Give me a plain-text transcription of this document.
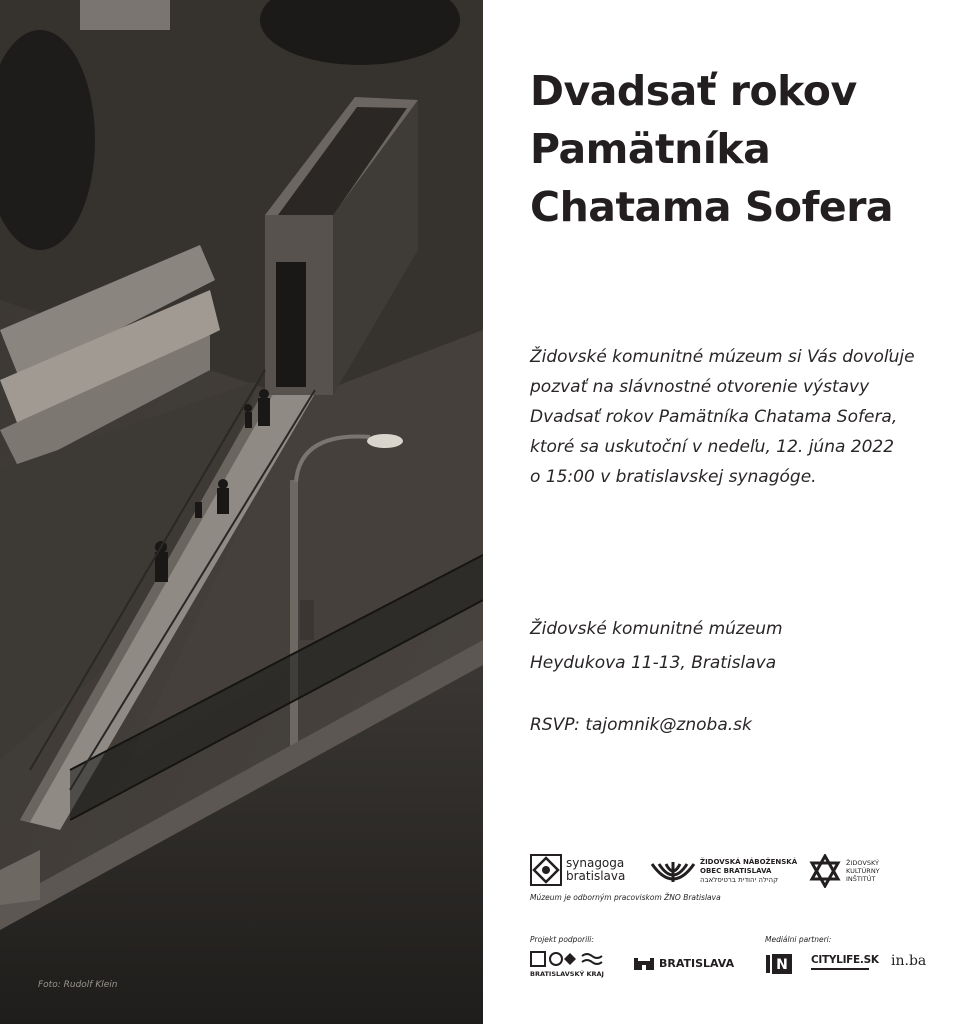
Foto: Rudolf Klein
Dvadsať rokov
Pamätníka
Chatama Sofera
Židovské komunitné múzeum si Vás dovoľuje
pozvať na slávnostné otvorenie výstavy
Dvadsať rokov Pamätníka Chatama Sofera,
ktoré sa uskutoční v nedeľu, 12. júna 2022
o 15:00 v bratislavskej synagóge.
Židovské komunitné múzeum
Heydukova 11-13, Bratislava
RSVP: tajomnik@znoba.sk
synagoga
bratislava
ŽIDOVSKÁ NÁBOŽENSKÁ
OBEC BRATISLAVA
קהילה יהודית ברטיסלאבה
ŽIDOVSKÝ
KULTÚRNY
INŠTITÚT
Múzeum je odborným pracoviskom ŽNO Bratislava
Projekt podporili:	Mediálni partneri:
BRATISLAVSKÝ KRAJ
BRATISLAVA	N CITYLIFE.SK in.ba
